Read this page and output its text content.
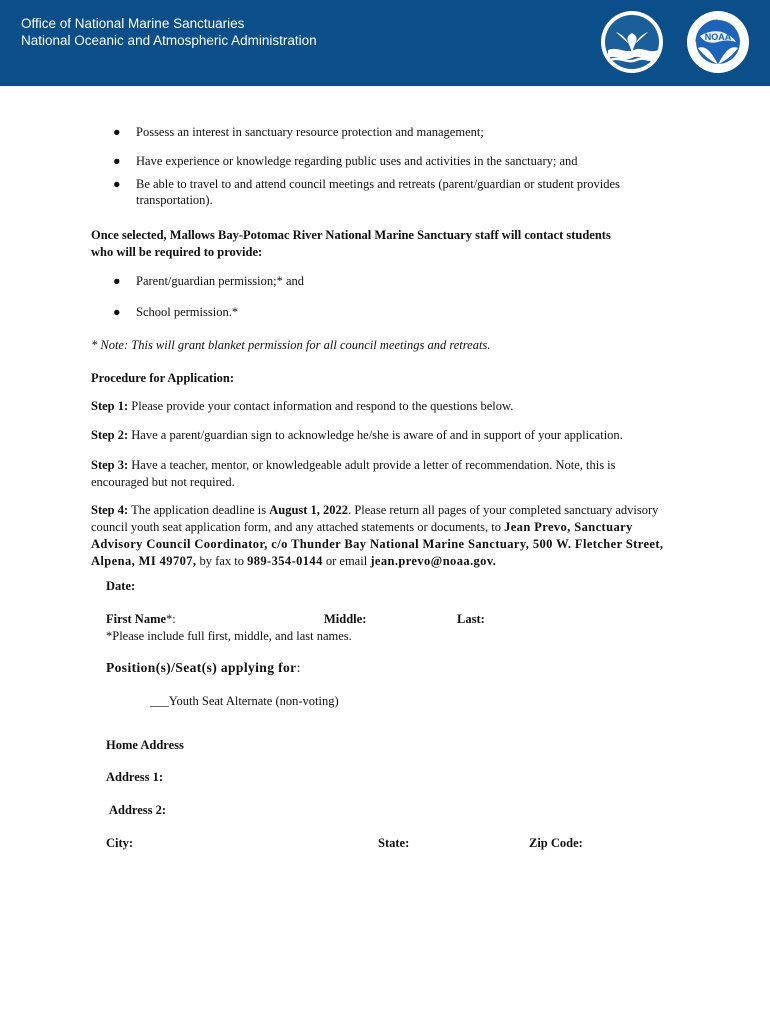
Office of National Marine Sanctuaries
National Oceanic and Atmospheric Administration	NOAA
● Possess an interest in sanctuary resource protection and management;
● Have experience or knowledge regarding public uses and activities in the sanctuary; and
● Be able to travel to and attend council meetings and retreats (parent/guardian or student provides transportation).
Once selected, Mallows Bay-Potomac River National Marine Sanctuary staff will contact students who will be required to provide:
● Parent/guardian permission;* and
● School permission.*
* Note: This will grant blanket permission for all council meetings and retreats.
Procedure for Application:
Step 1: Please provide your contact information and respond to the questions below.
Step 2: Have a parent/guardian sign to acknowledge he/she is aware of and in support of your application.
Step 3: Have a teacher, mentor, or knowledgeable adult provide a letter of recommendation. Note, this is encouraged but not required.
Step 4: The application deadline is August 1, 2022. Please return all pages of your completed sanctuary advisory council youth seat application form, and any attached statements or documents, to Jean Prevo, Sanctuary Advisory Council Coordinator, c/o Thunder Bay National Marine Sanctuary, 500 W. Fletcher Street, Alpena, MI 49707, by fax to 989-354-0144 or email jean.prevo@noaa.gov.
Date:
First Name*:	Middle:	Last:
*Please include full first, middle, and last names.
Position(s)/Seat(s) applying for:
___Youth Seat Alternate (non-voting)
Home Address
Address 1:
Address 2:
City:	State:	Zip Code:
